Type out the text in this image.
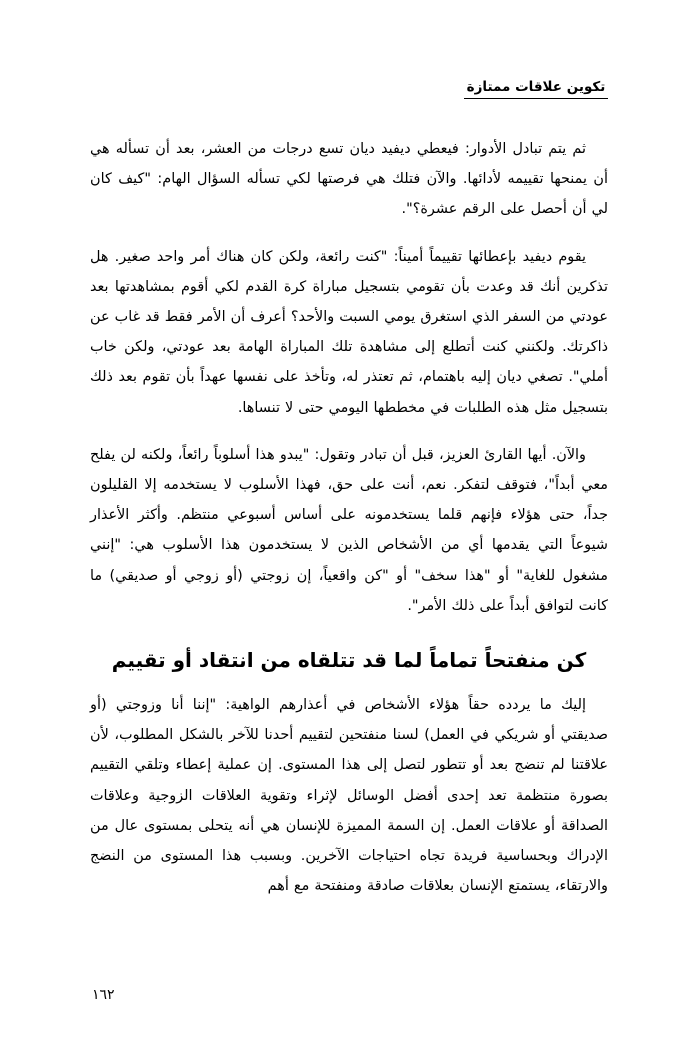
تكوين علاقات ممتازة

ثم يتم تبادل الأدوار: فيعطي ديفيد ديان تسع درجات من العشر، بعد أن تسأله هي أن يمنحها تقييمه لأدائها. والآن فتلك هي فرصتها لكي تسأله السؤال الهام: "كيف كان لي أن أحصل على الرقم عشرة؟".

يقوم ديفيد بإعطائها تقييماً أميناً: "كنت رائعة، ولكن كان هناك أمر واحد صغير. هل تذكرين أنك قد وعدت بأن تقومي بتسجيل مباراة كرة القدم لكي أقوم بمشاهدتها بعد عودتي من السفر الذي استغرق يومي السبت والأحد؟ أعرف أن الأمر فقط قد غاب عن ذاكرتك. ولكنني كنت أتطلع إلى مشاهدة تلك المباراة الهامة بعد عودتي، ولكن خاب أملي". تصغي ديان إليه باهتمام، ثم تعتذر له، وتأخذ على نفسها عهداً بأن تقوم بعد ذلك بتسجيل مثل هذه الطلبات في مخططها اليومي حتى لا تنساها.

والآن. أيها القارئ العزيز، قبل أن تبادر وتقول: "يبدو هذا أسلوباً رائعاً، ولكنه لن يفلح معي أبداً"، فتوقف لتفكر. نعم، أنت على حق، فهذا الأسلوب لا يستخدمه إلا القليلون جداً، حتى هؤلاء فإنهم قلما يستخدمونه على أساس أسبوعي منتظم. وأكثر الأعذار شيوعاً التي يقدمها أي من الأشخاص الذين لا يستخدمون هذا الأسلوب هي: "إنني مشغول للغاية" أو "هذا سخف" أو "كن واقعياً، إن زوجتي (أو زوجي أو صديقي) ما كانت لتوافق أبداً على ذلك الأمر".

كن منفتحاً تماماً لما قد تتلقاه من انتقاد أو تقييم

إليك ما يردده حقاً هؤلاء الأشخاص في أعذارهم الواهية: "إننا أنا وزوجتي (أو صديقتي أو شريكي في العمل) لسنا منفتحين لتقييم أحدنا للآخر بالشكل المطلوب، لأن علاقتنا لم تنضج بعد أو تتطور لتصل إلى هذا المستوى. إن عملية إعطاء وتلقي التقييم بصورة منتظمة تعد إحدى أفضل الوسائل لإثراء وتقوية العلاقات الزوجية وعلاقات الصداقة أو علاقات العمل. إن السمة المميزة للإنسان هي أنه يتحلى بمستوى عال من الإدراك وبحساسية فريدة تجاه احتياجات الآخرين. وبسبب هذا المستوى من النضج والارتقاء، يستمتع الإنسان بعلاقات صادقة ومنفتحة مع أهم

١٦٢
